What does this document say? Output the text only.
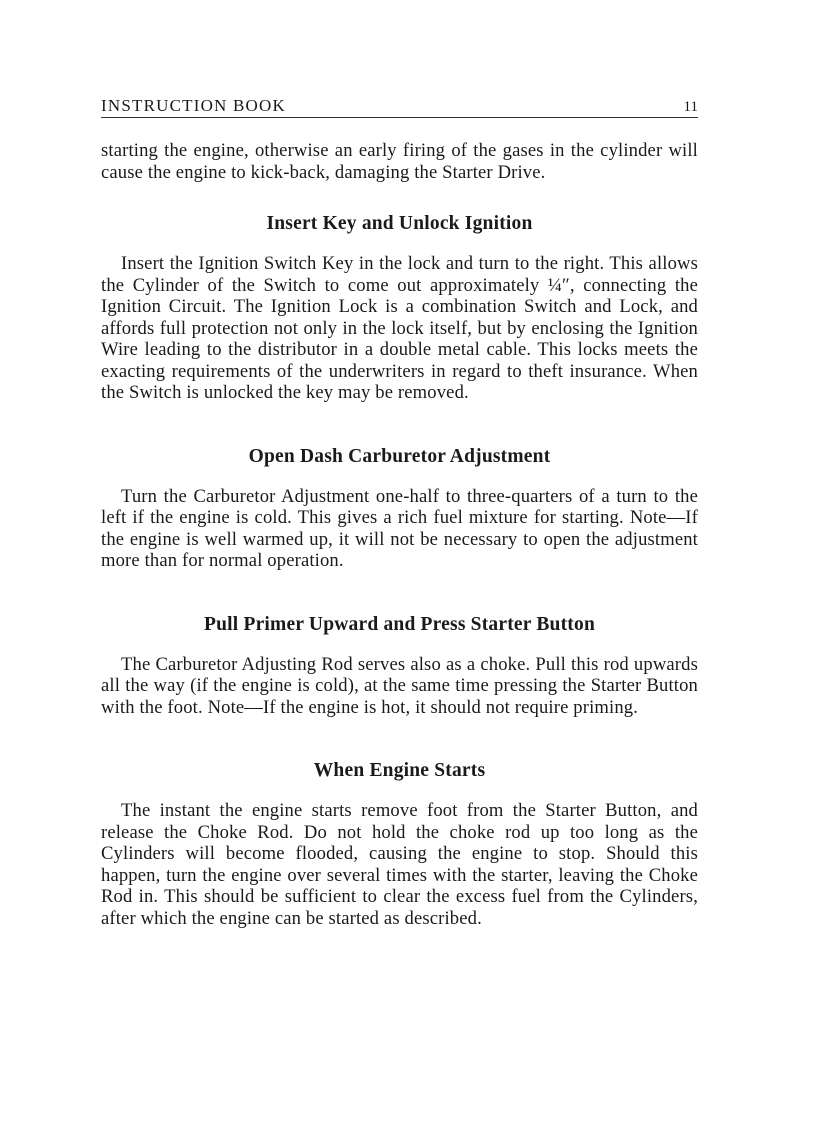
INSTRUCTION BOOK	11

starting the engine, otherwise an early firing of the gases in the cylinder will cause the engine to kick-back, damaging the Starter Drive.

Insert Key and Unlock Ignition

Insert the Ignition Switch Key in the lock and turn to the right. This allows the Cylinder of the Switch to come out approximately ¼″, connecting the Ignition Circuit. The Ignition Lock is a combination Switch and Lock, and affords full protection not only in the lock itself, but by enclosing the Ignition Wire leading to the distributor in a double metal cable. This locks meets the exacting requirements of the underwriters in regard to theft insurance. When the Switch is unlocked the key may be removed.

Open Dash Carburetor Adjustment

Turn the Carburetor Adjustment one-half to three-quarters of a turn to the left if the engine is cold. This gives a rich fuel mixture for starting. Note—If the engine is well warmed up, it will not be necessary to open the adjustment more than for normal operation.

Pull Primer Upward and Press Starter Button

The Carburetor Adjusting Rod serves also as a choke. Pull this rod upwards all the way (if the engine is cold), at the same time pressing the Starter Button with the foot. Note—If the engine is hot, it should not require priming.

When Engine Starts

The instant the engine starts remove foot from the Starter Button, and release the Choke Rod. Do not hold the choke rod up too long as the Cylinders will become flooded, causing the engine to stop. Should this happen, turn the engine over several times with the starter, leaving the Choke Rod in. This should be sufficient to clear the excess fuel from the Cylinders, after which the engine can be started as described.
